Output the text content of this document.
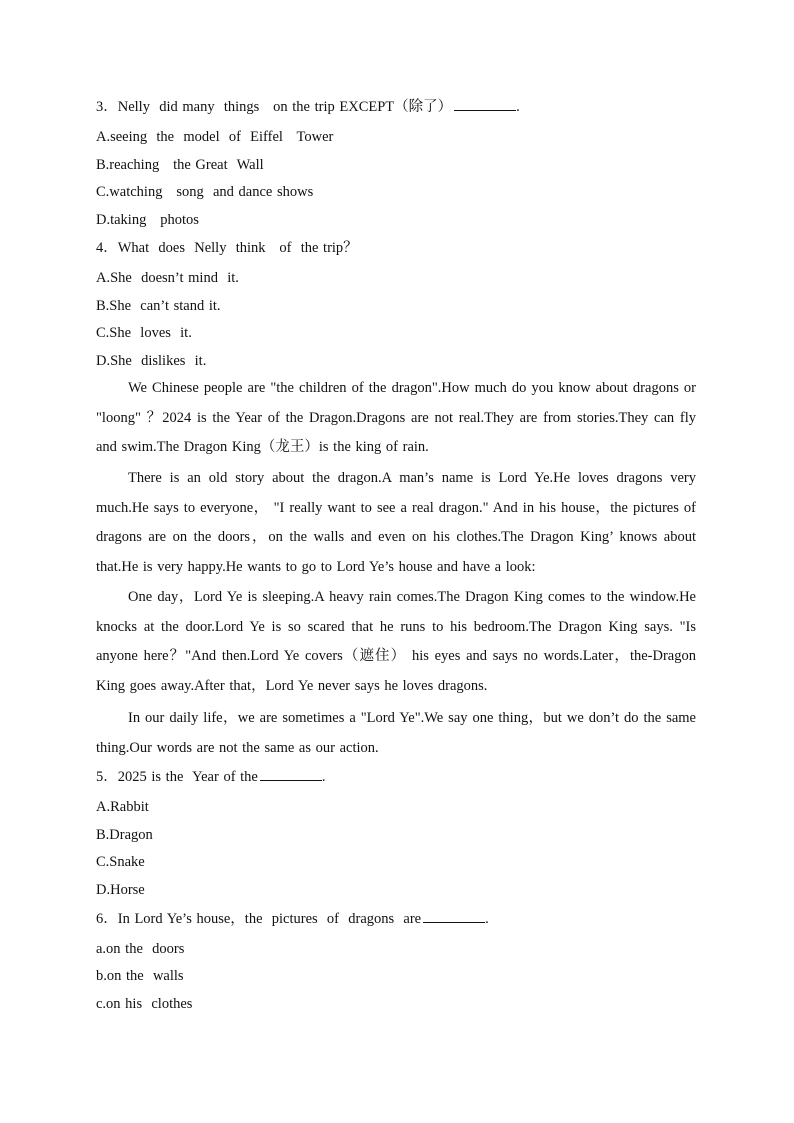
3．Nelly  did many  things   on the trip EXCEPT（除了）	.
A.seeing  the  model  of  Eiffel   Tower
B.reaching   the Great  Wall
C.watching   song  and dance shows
D.taking   photos
4．What  does  Nelly  think   of  the trip？
A.She  doesn’t mind  it.
B.She  can’t stand it.
C.She  loves  it.
D.She  dislikes  it.
We Chinese people are "the children of the dragon".How much do you know about dragons or "loong" ？2024 is the Year of the Dragon.Dragons are not real.They are from stories.They can fly and swim.The Dragon King（龙王）is the king of rain.
There is an old story about the dragon.A man’s name is Lord Ye.He loves dragons very much.He says to everyone， "I really want to see a real dragon." And in his house，the pictures of dragons are on the doors，on the walls and even on his clothes.The Dragon King’ knows about that.He is very happy.He wants to go to Lord Ye’s house and have a look:
One day，Lord Ye is sleeping.A heavy rain comes.The Dragon King comes to the window.He knocks at the door.Lord Ye is so scared that he runs to his bedroom.The Dragon King says. "Is anyone here？"And then.Lord Ye covers（遮住） his eyes and says no words.Later，the-Dragon King goes away.After that，Lord Ye never says he loves dragons.
In our daily life，we are sometimes a "Lord Ye".We say one thing，but we don’t do the same thing.Our words are not the same as our action.
5．2025 is the  Year of the	.
A.Rabbit
B.Dragon
C.Snake
D.Horse
6．In Lord Ye’s house，the  pictures  of  dragons  are	.
a.on the  doors
b.on the  walls
c.on his  clothes
